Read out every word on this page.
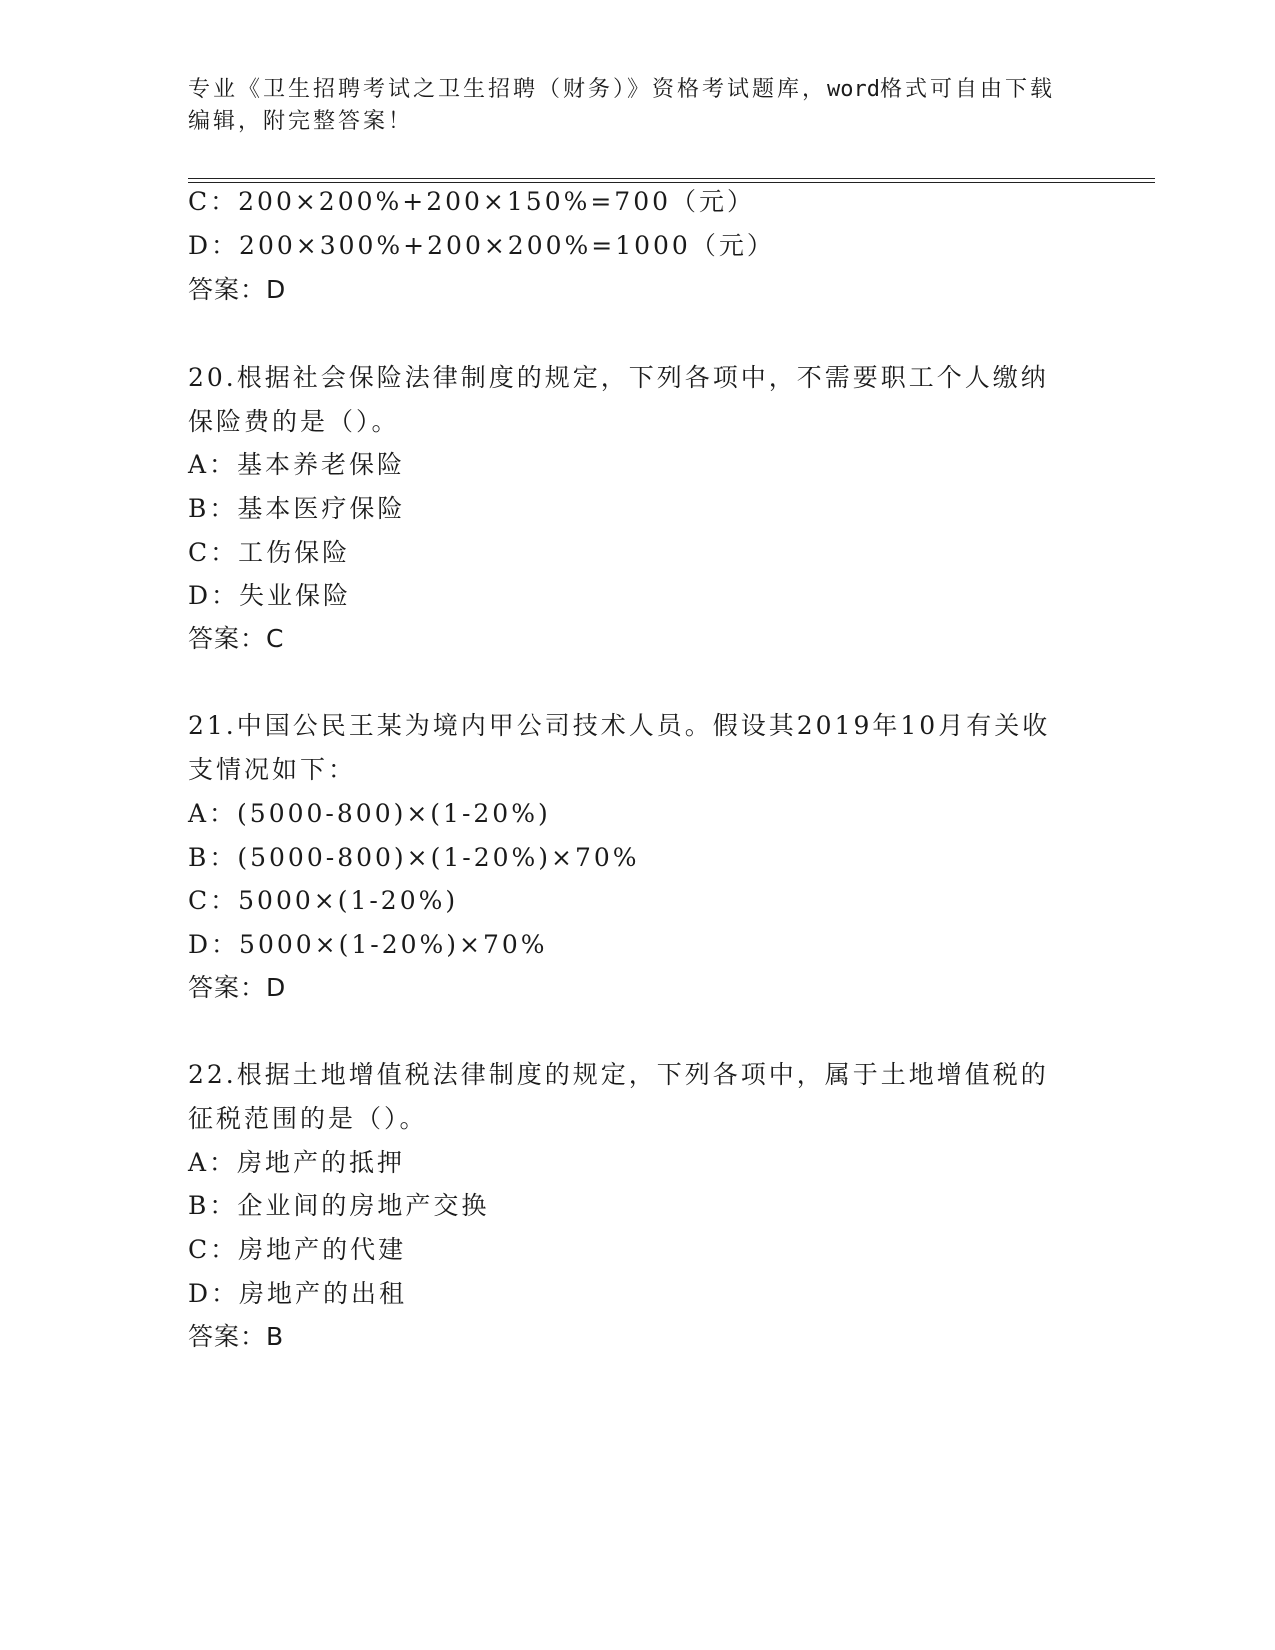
专业《卫生招聘考试之卫生招聘（财务）》资格考试题库，word格式可自由下载
编辑，附完整答案！
C：200×200%+200×150%=700（元）
D：200×300%+200×200%=1000（元）
答案：D
20.根据社会保险法律制度的规定，下列各项中，不需要职工个人缴纳
保险费的是（）。
A：基本养老保险
B：基本医疗保险
C：工伤保险
D：失业保险
答案：C
21.中国公民王某为境内甲公司技术人员。假设其2019年10月有关收
支情况如下：
A：(5000-800)×(1-20%)
B：(5000-800)×(1-20%)×70%
C：5000×(1-20%)
D：5000×(1-20%)×70%
答案：D
22.根据土地增值税法律制度的规定，下列各项中，属于土地增值税的
征税范围的是（）。
A：房地产的抵押
B：企业间的房地产交换
C：房地产的代建
D：房地产的出租
答案：B
